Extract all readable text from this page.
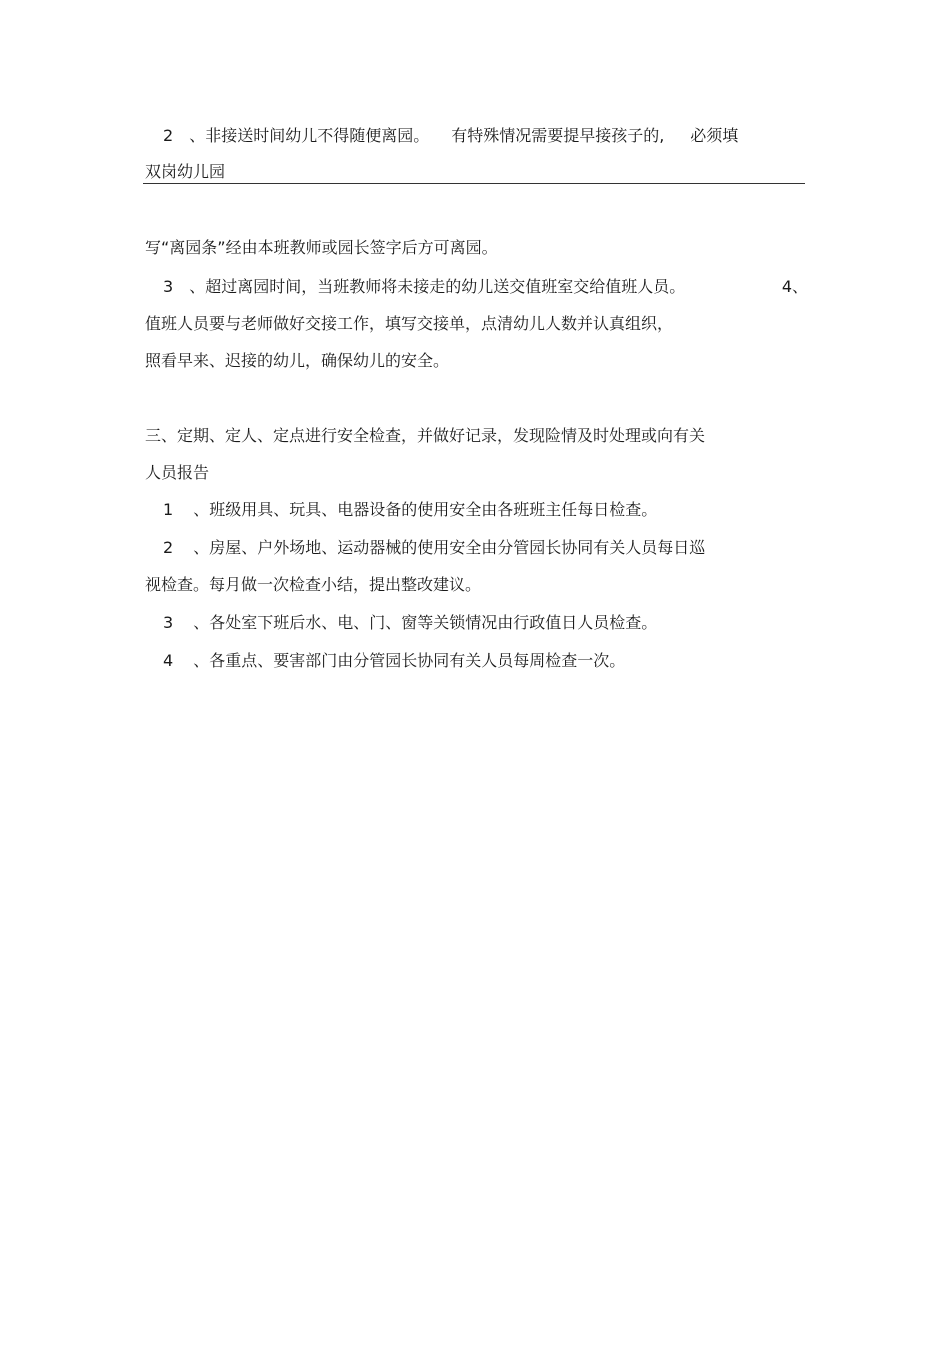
2 、非接送时间幼儿不得随便离园。 有特殊情况需要提早接孩子的, 必须填
双岗幼儿园
写“离园条”经由本班教师或园长签字后方可离园。
3 、超过离园时间，当班教师将未接走的幼儿送交值班室交给值班人员。	4、
值班人员要与老师做好交接工作，填写交接单，点清幼儿人数并认真组织，
照看早来、迟接的幼儿，确保幼儿的安全。
三、定期、定人、定点进行安全检查，并做好记录，发现险情及时处理或向有关
人员报告
1 、班级用具、玩具、电器设备的使用安全由各班班主任每日检查。
2 、房屋、户外场地、运动器械的使用安全由分管园长协同有关人员每日巡
视检查。每月做一次检查小结，提出整改建议。
3 、各处室下班后水、电、门、窗等关锁情况由行政值日人员检查。
4 、各重点、要害部门由分管园长协同有关人员每周检查一次。
